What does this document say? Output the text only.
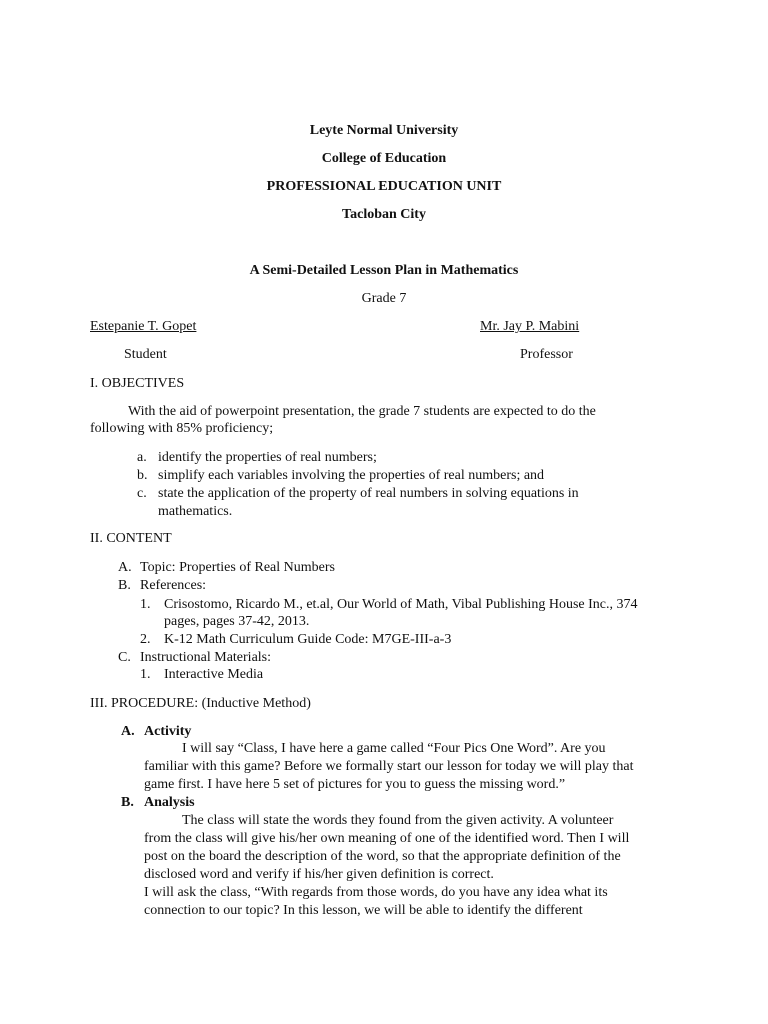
Leyte Normal University
College of Education
PROFESSIONAL EDUCATION UNIT
Tacloban City
A Semi-Detailed Lesson Plan in Mathematics
Grade 7
Estepanie T. Gopet	Mr. Jay P. Mabini
Student	Professor
I. OBJECTIVES
With the aid of powerpoint presentation, the grade 7 students are expected to do the
following with 85% proficiency;
a. identify the properties of real numbers;
b. simplify each variables involving the properties of real numbers; and
c. state the application of the property of real numbers in solving equations in
mathematics.
II. CONTENT
A. Topic: Properties of Real Numbers
B. References:
1. Crisostomo, Ricardo M., et.al, Our World of Math, Vibal Publishing House Inc., 374
pages, pages 37-42, 2013.
2. K-12 Math Curriculum Guide Code: M7GE-III-a-3
C. Instructional Materials:
1. Interactive Media
III. PROCEDURE: (Inductive Method)
A. Activity
I will say “Class, I have here a game called “Four Pics One Word”. Are you
familiar with this game? Before we formally start our lesson for today we will play that
game first. I have here 5 set of pictures for you to guess the missing word.”
B. Analysis
The class will state the words they found from the given activity. A volunteer
from the class will give his/her own meaning of one of the identified word. Then I will
post on the board the description of the word, so that the appropriate definition of the
disclosed word and verify if his/her given definition is correct.
I will ask the class, “With regards from those words, do you have any idea what its
connection to our topic? In this lesson, we will be able to identify the different
